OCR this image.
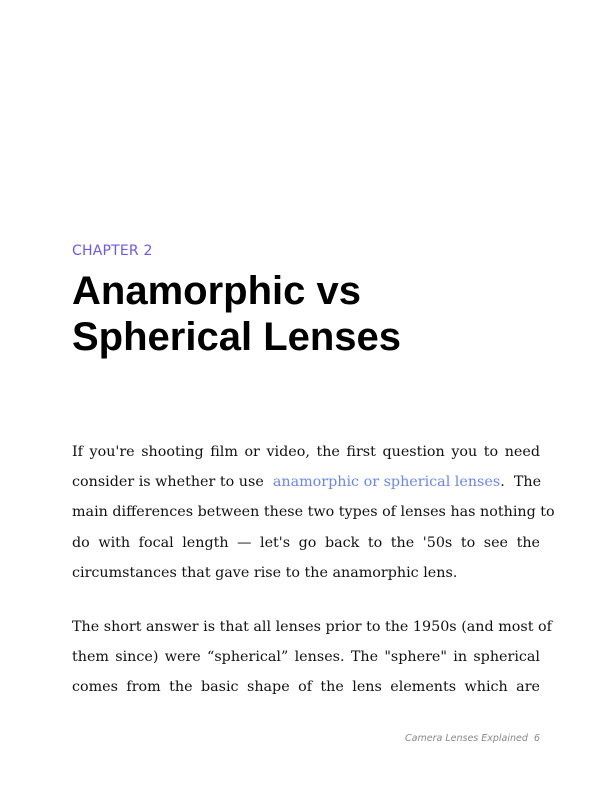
CHAPTER 2
Anamorphic vs
Spherical Lenses
If you're shooting film or video, the first question you to need
consider is whether to use  anamorphic or spherical lenses.  The
main differences between these two types of lenses has nothing to
do with focal length — let's go back to the '50s to see the
circumstances that gave rise to the anamorphic lens.
The short answer is that all lenses prior to the 1950s (and most of
them since) were “spherical” lenses. The "sphere" in spherical
comes from the basic shape of the lens elements which are
Camera Lenses Explained 6
